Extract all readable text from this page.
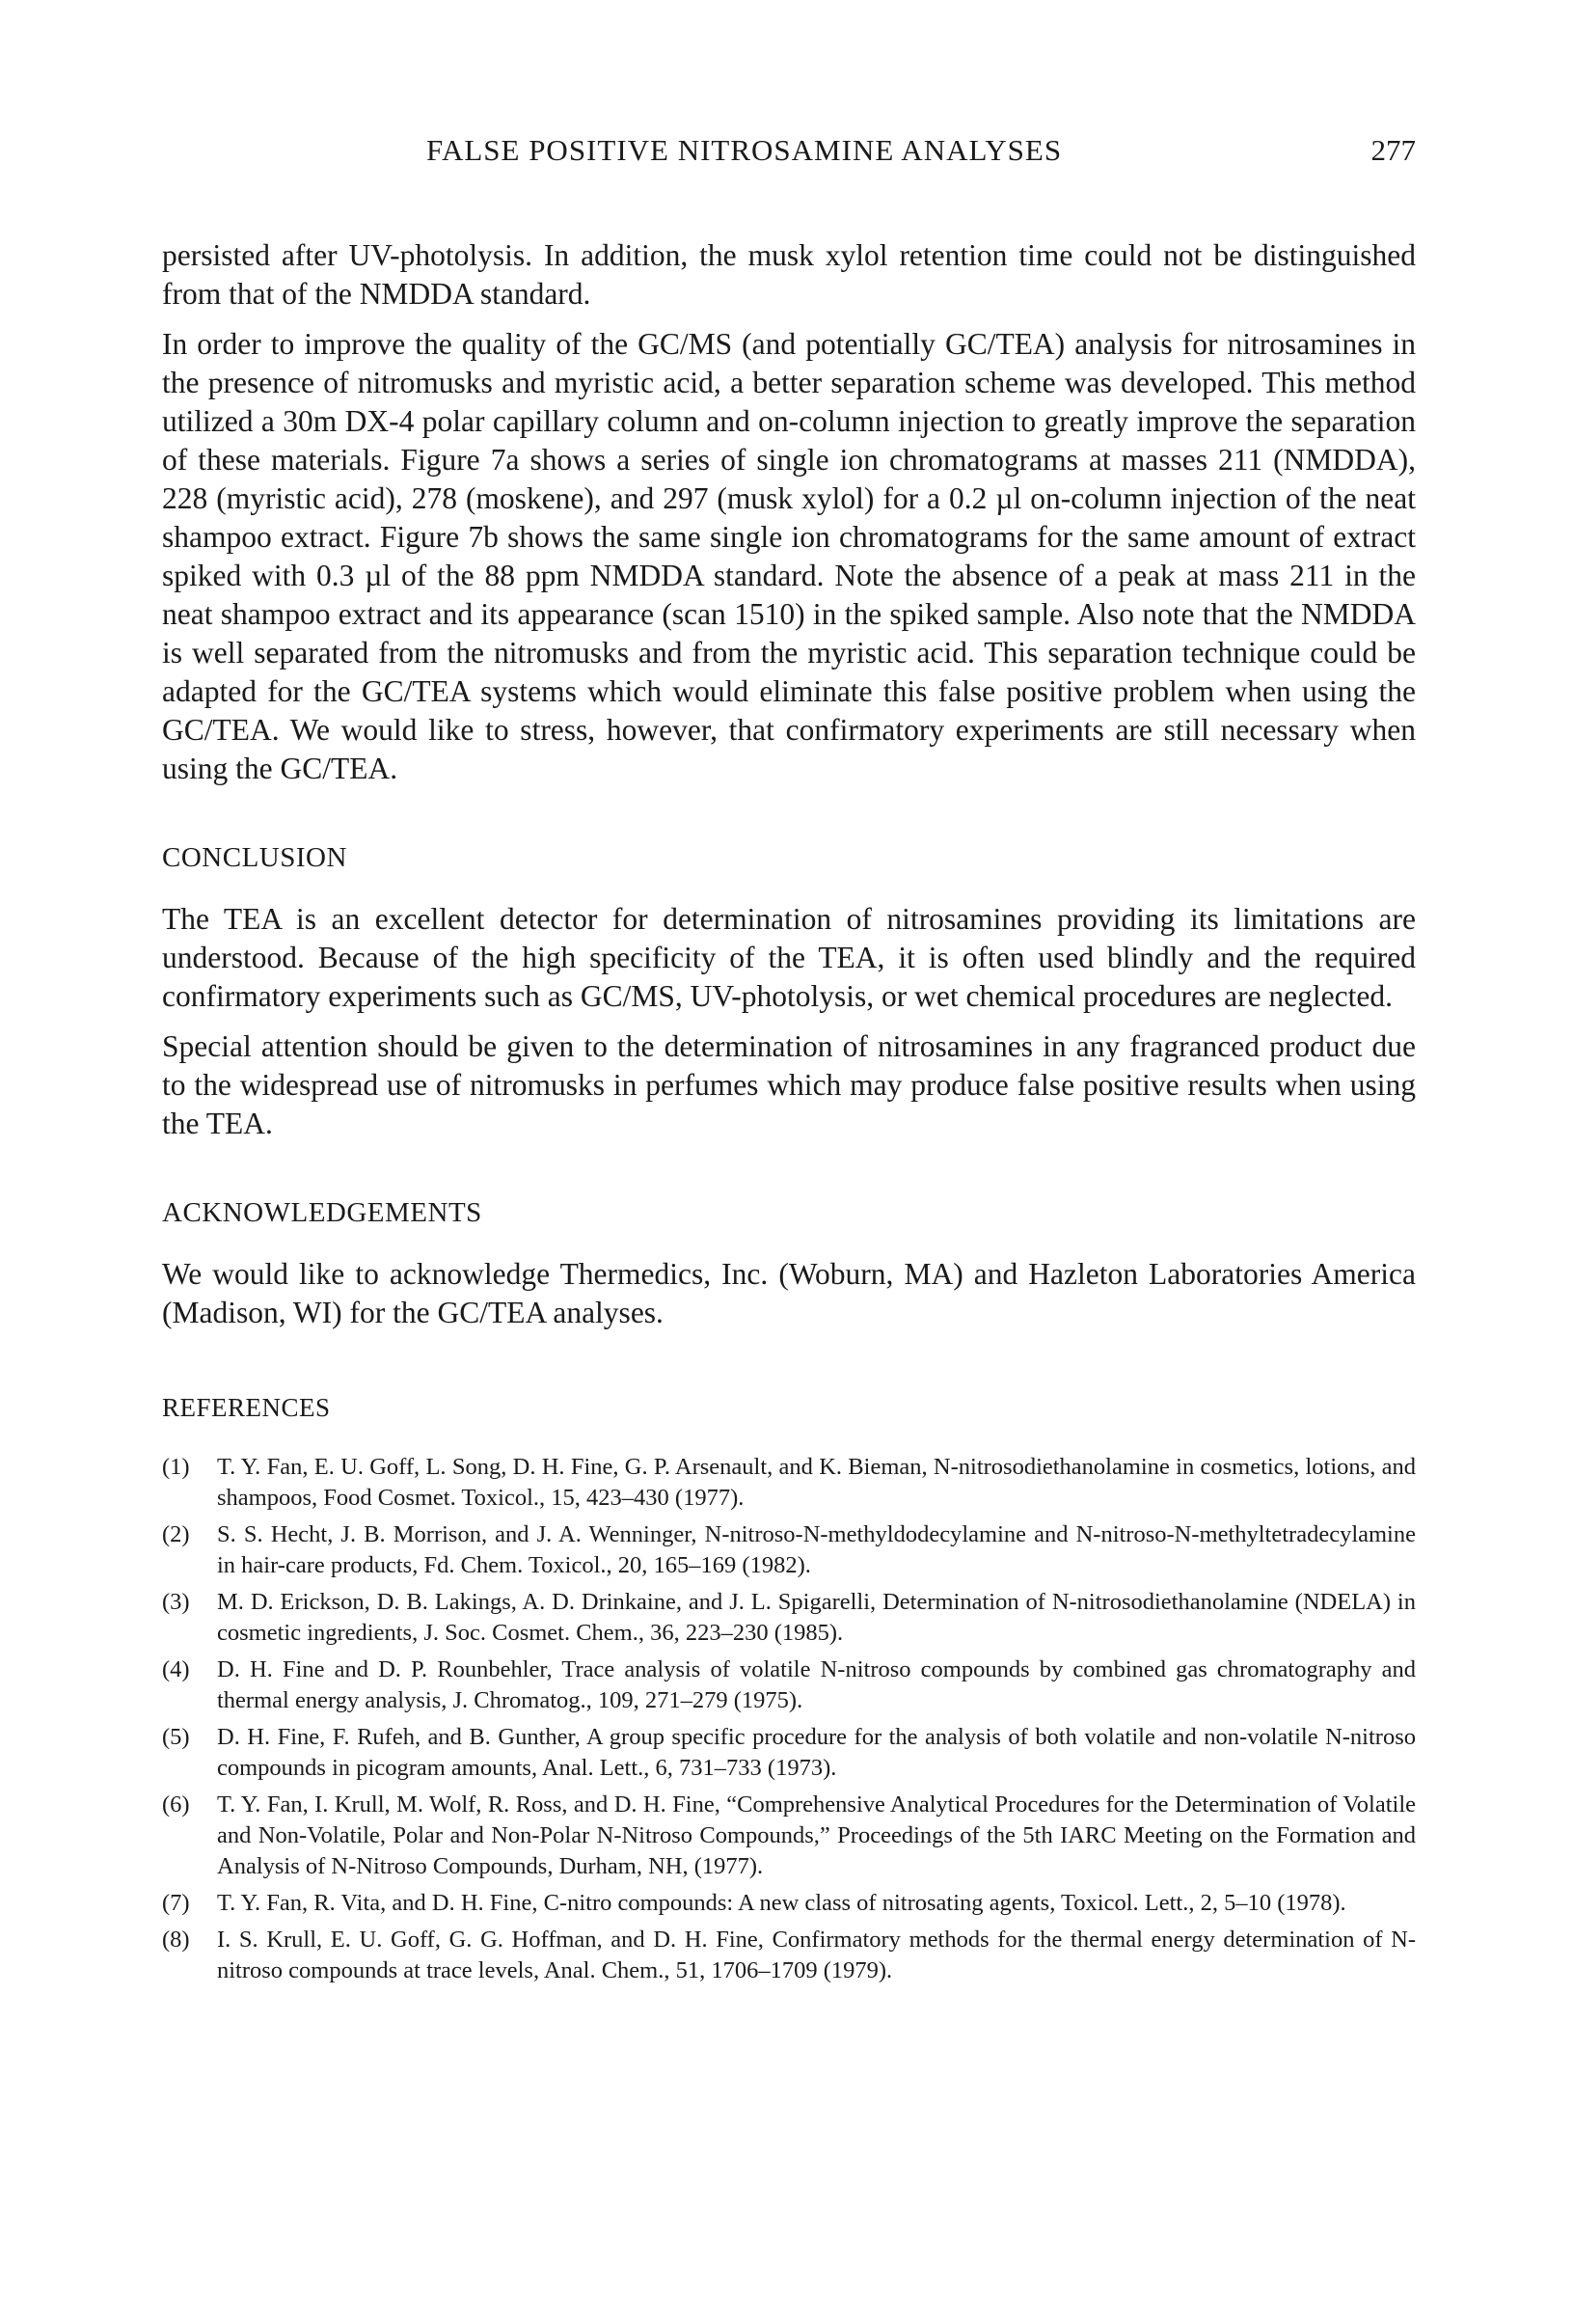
FALSE POSITIVE NITROSAMINE ANALYSES	277

persisted after UV-photolysis. In addition, the musk xylol retention time could not be distinguished from that of the NMDDA standard.

In order to improve the quality of the GC/MS (and potentially GC/TEA) analysis for nitrosamines in the presence of nitromusks and myristic acid, a better separation scheme was developed. This method utilized a 30m DX-4 polar capillary column and on-column injection to greatly improve the separation of these materials. Figure 7a shows a series of single ion chromatograms at masses 211 (NMDDA), 228 (myristic acid), 278 (moskene), and 297 (musk xylol) for a 0.2 µl on-column injection of the neat shampoo extract. Figure 7b shows the same single ion chromatograms for the same amount of extract spiked with 0.3 µl of the 88 ppm NMDDA standard. Note the absence of a peak at mass 211 in the neat shampoo extract and its appearance (scan 1510) in the spiked sample. Also note that the NMDDA is well separated from the nitromusks and from the myristic acid. This separation technique could be adapted for the GC/TEA systems which would eliminate this false positive problem when using the GC/TEA. We would like to stress, however, that confirmatory experiments are still necessary when using the GC/TEA.

CONCLUSION

The TEA is an excellent detector for determination of nitrosamines providing its limitations are understood. Because of the high specificity of the TEA, it is often used blindly and the required confirmatory experiments such as GC/MS, UV-photolysis, or wet chemical procedures are neglected.

Special attention should be given to the determination of nitrosamines in any fragranced product due to the widespread use of nitromusks in perfumes which may produce false positive results when using the TEA.

ACKNOWLEDGEMENTS

We would like to acknowledge Thermedics, Inc. (Woburn, MA) and Hazleton Laboratories America (Madison, WI) for the GC/TEA analyses.

REFERENCES
(1) T. Y. Fan, E. U. Goff, L. Song, D. H. Fine, G. P. Arsenault, and K. Bieman, N-nitrosodiethanolamine in cosmetics, lotions, and shampoos, Food Cosmet. Toxicol., 15, 423–430 (1977).
(2) S. S. Hecht, J. B. Morrison, and J. A. Wenninger, N-nitroso-N-methyldodecylamine and N-nitroso-N-methyltetradecylamine in hair-care products, Fd. Chem. Toxicol., 20, 165–169 (1982).
(3) M. D. Erickson, D. B. Lakings, A. D. Drinkaine, and J. L. Spigarelli, Determination of N-nitrosodiethanolamine (NDELA) in cosmetic ingredients, J. Soc. Cosmet. Chem., 36, 223–230 (1985).
(4) D. H. Fine and D. P. Rounbehler, Trace analysis of volatile N-nitroso compounds by combined gas chromatography and thermal energy analysis, J. Chromatog., 109, 271–279 (1975).
(5) D. H. Fine, F. Rufeh, and B. Gunther, A group specific procedure for the analysis of both volatile and non-volatile N-nitroso compounds in picogram amounts, Anal. Lett., 6, 731–733 (1973).
(6) T. Y. Fan, I. Krull, M. Wolf, R. Ross, and D. H. Fine, “Comprehensive Analytical Procedures for the Determination of Volatile and Non-Volatile, Polar and Non-Polar N-Nitroso Compounds,” Proceedings of the 5th IARC Meeting on the Formation and Analysis of N-Nitroso Compounds, Durham, NH, (1977).
(7) T. Y. Fan, R. Vita, and D. H. Fine, C-nitro compounds: A new class of nitrosating agents, Toxicol. Lett., 2, 5–10 (1978).
(8) I. S. Krull, E. U. Goff, G. G. Hoffman, and D. H. Fine, Confirmatory methods for the thermal energy determination of N-nitroso compounds at trace levels, Anal. Chem., 51, 1706–1709 (1979).
